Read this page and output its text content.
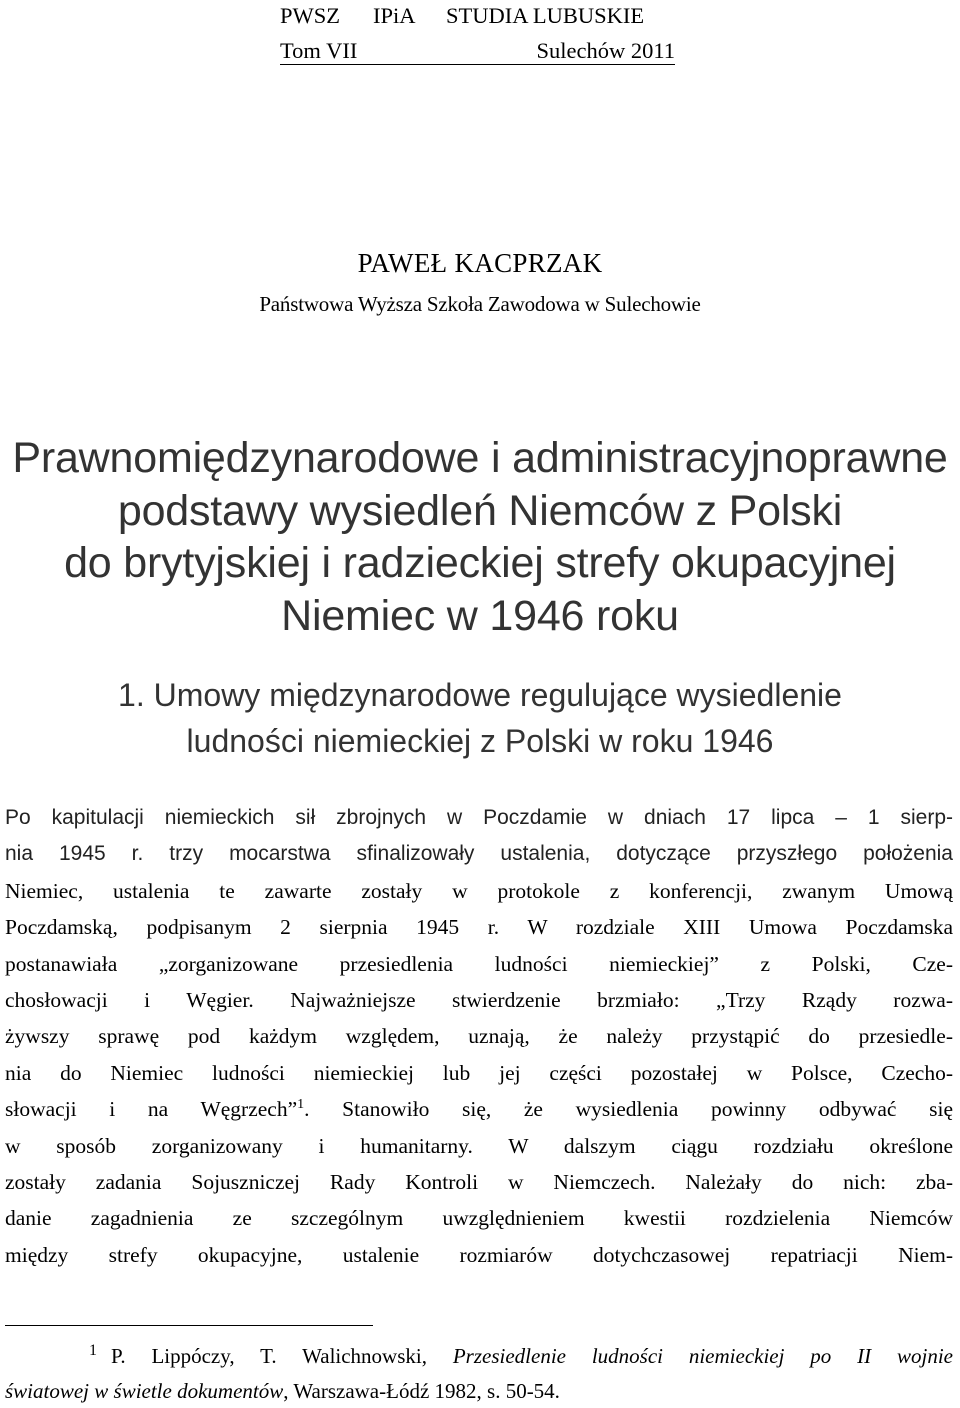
PWSZ IPiA STUDIA LUBUSKIE
Tom VII	Sulechów 2011
PAWEŁ KACPRZAK
Państwowa Wyższa Szkoła Zawodowa w Sulechowie
Prawnomiędzynarodowe i administracyjnoprawne
podstawy wysiedleń Niemców z Polski
do brytyjskiej i radzieckiej strefy okupacyjnej
Niemiec w 1946 roku
1. Umowy międzynarodowe regulujące wysiedlenie
ludności niemieckiej z Polski w roku 1946
Po kapitulacji niemieckich sił zbrojnych w Poczdamie w dniach 17 lipca – 1 sierp-
nia 1945 r. trzy mocarstwa sfinalizowały ustalenia, dotyczące przyszłego położenia
Niemiec, ustalenia te zawarte zostały w protokole z konferencji, zwanym Umową
Poczdamską, podpisanym 2 sierpnia 1945 r. W rozdziale XIII Umowa Poczdamska
postanawiała „zorganizowane przesiedlenia ludności niemieckiej” z Polski, Cze-
chosłowacji i Węgier. Najważniejsze stwierdzenie brzmiało: „Trzy Rządy rozwa-
żywszy sprawę pod każdym względem, uznają, że należy przystąpić do przesiedle-
nia do Niemiec ludności niemieckiej lub jej części pozostałej w Polsce, Czecho-
słowacji i na Węgrzech”$^1$. Stanowiło się, że wysiedlenia powinny odbywać się
w sposób zorganizowany i humanitarny. W dalszym ciągu rozdziału określone
zostały zadania Sojuszniczej Rady Kontroli w Niemczech. Należały do nich: zba-
danie zagadnienia ze szczególnym uwzględnieniem kwestii rozdzielenia Niemców
między strefy okupacyjne, ustalenie rozmiarów dotychczasowej repatriacji Niem-
$^1$ P. Lippóczy, T. Walichnowski, Przesiedlenie ludności niemieckiej po II wojnie
światowej w świetle dokumentów, Warszawa-Łódź 1982, s. 50-54.
